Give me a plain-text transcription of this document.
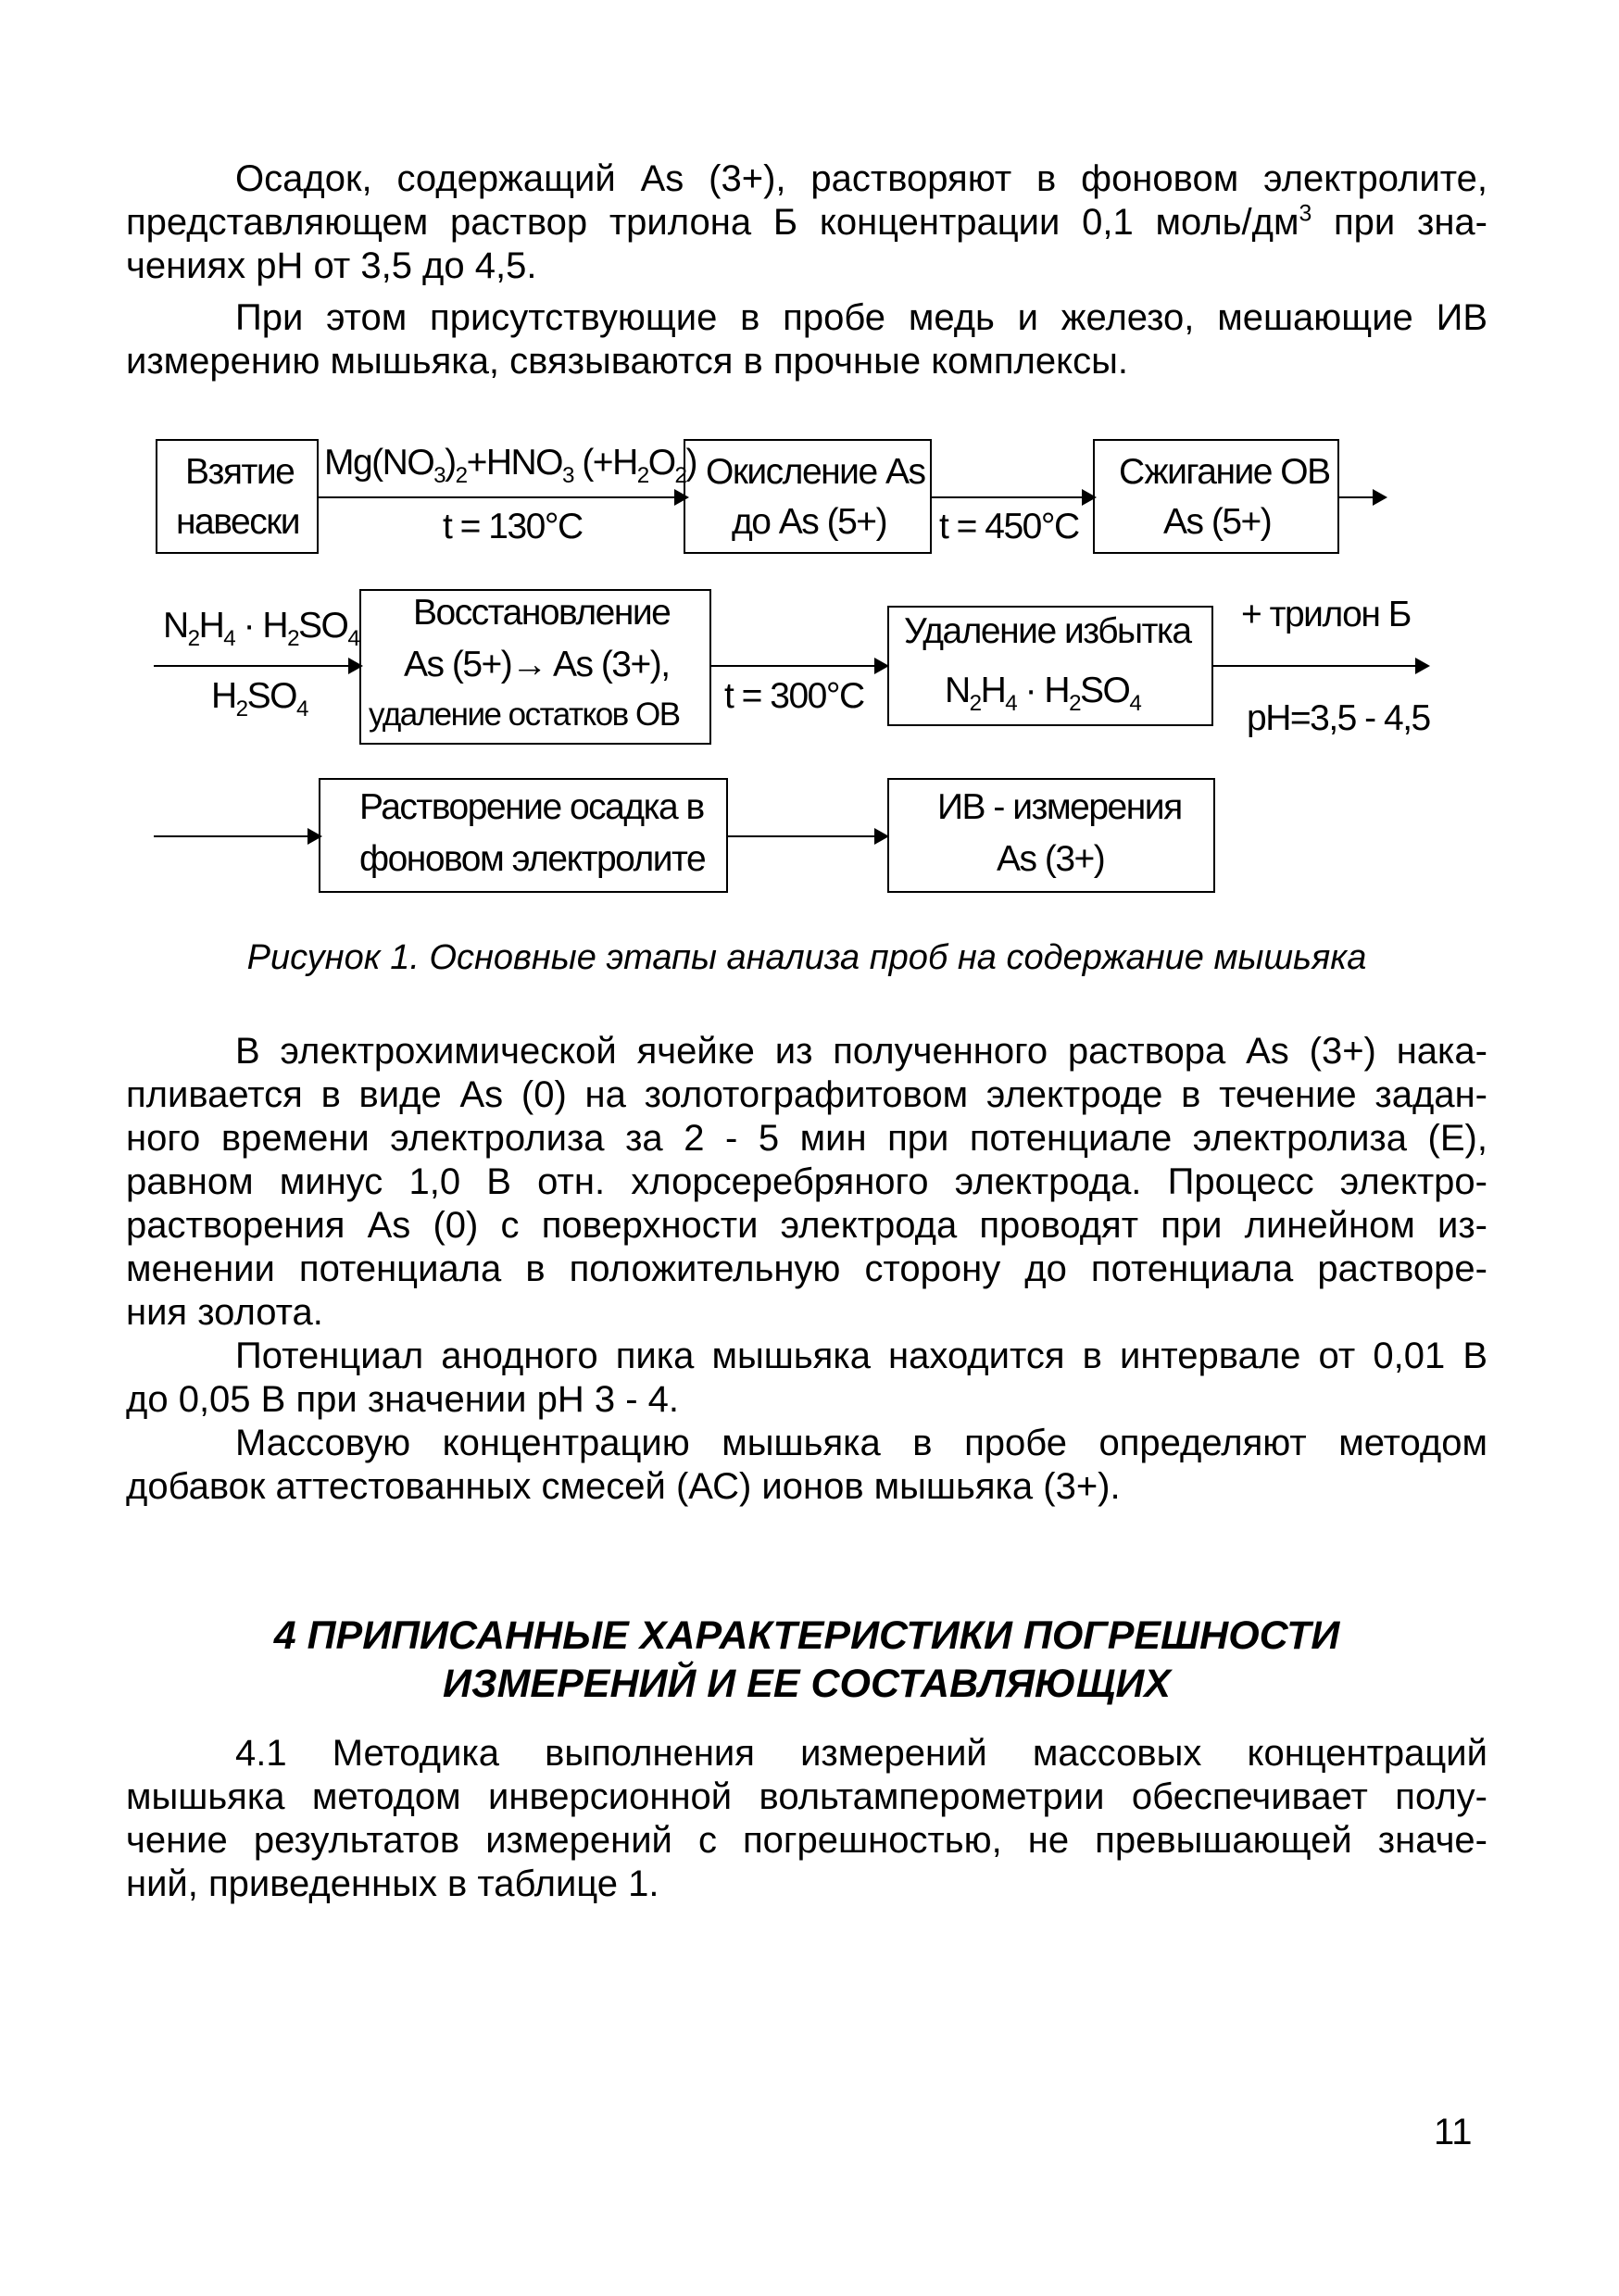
Осадок, содержащий As (3+), растворяют в фоновом электролите,
представляющем раствор трилона Б концентрации 0,1 моль/$дм^3$ при зна-
чениях pH от 3,5 до 4,5.
При этом присутствующие в пробе медь и железо, мешающие ИВ
измерению мышьяка, связываются в прочные комплексы.
Взятие
навески
$Mg(NO_3)_2+HNO_3$ $(+H_2O_2)$
t = 130°C
Окисление As
до As (5+) t = 450°C
Сжигание ОВ
As (5+)
$N_2H_4 \cdot H_2SO_4$
$H_2SO_4$
Восстановление
As (5+)→ As (3+),
удаление остатков ОВ t = 300°C
Удаление избытка
$N_2H_4 \cdot H_2SO_4$
+ трилон Б
pH=3,5 - 4,5
Растворение осадка в
фоновом электролите
ИВ - измерения
As (3+)
Рисунок 1. Основные этапы анализа проб на содержание мышьяка
В электрохимической ячейке из полученного раствора As (3+) нака-
пливается в виде As (0) на золотографитовом электроде в течение задан-
ного времени электролиза за 2 - 5 мин при потенциале электролиза (Е),
равном минус 1,0 В отн. хлорсеребряного электрода. Процесс электро-
растворения As (0) с поверхности электрода проводят при линейном из-
менении потенциала в положительную сторону до потенциала растворе-
ния золота.
Потенциал анодного пика мышьяка находится в интервале от 0,01 В
до 0,05 В при значении pH 3 - 4.
Массовую концентрацию мышьяка в пробе определяют методом
добавок аттестованных смесей (АС) ионов мышьяка (3+).
4 ПРИПИСАННЫЕ ХАРАКТЕРИСТИКИ ПОГРЕШНОСТИ
ИЗМЕРЕНИЙ И ЕЕ СОСТАВЛЯЮЩИХ
4.1 Методика выполнения измерений массовых концентраций
мышьяка методом инверсионной вольтамперометрии обеспечивает полу-
чение результатов измерений с погрешностью, не превышающей значе-
ний, приведенных в таблице 1.
11
